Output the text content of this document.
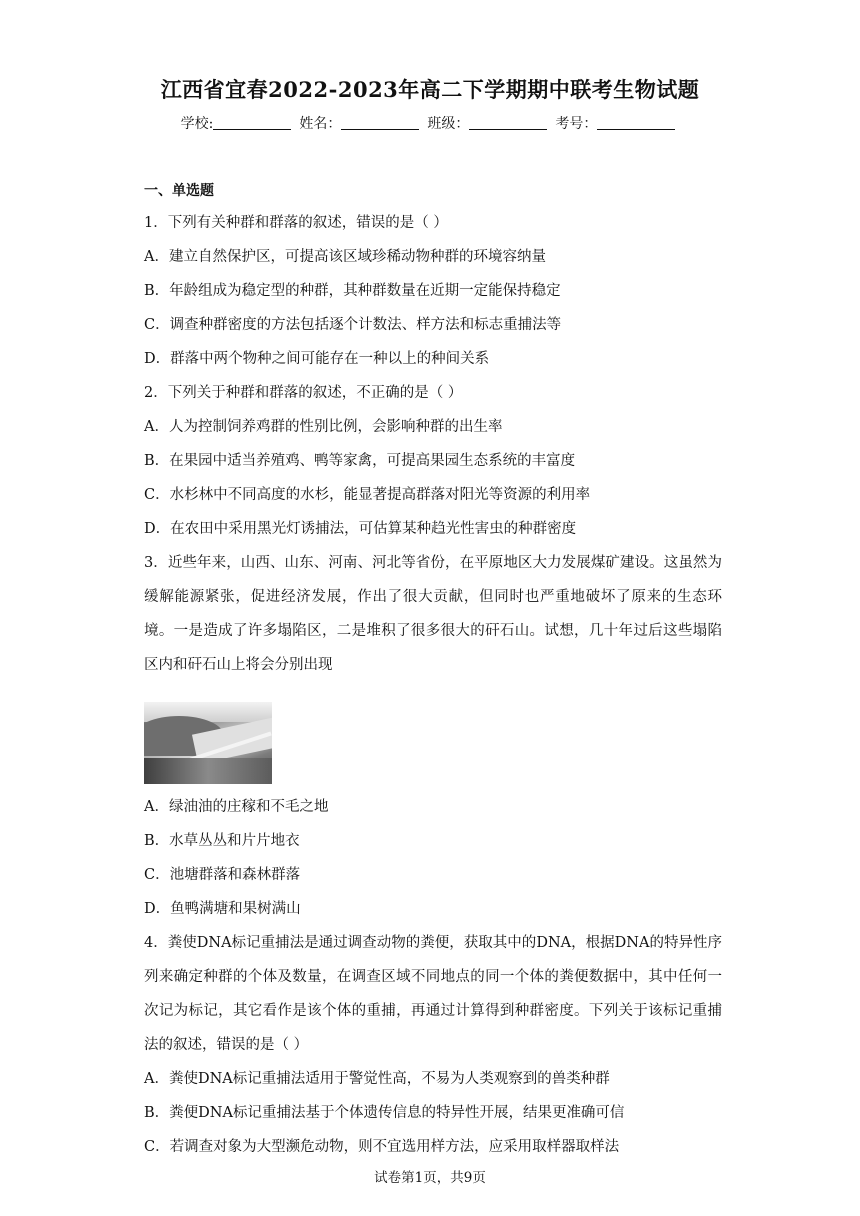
江西省宜春2022-2023年高二下学期期中联考生物试题
学校:	姓名：	班级：	考号：
一、单选题

1．下列有关种群和群落的叙述，错误的是（ ）

A．建立自然保护区，可提高该区域珍稀动物种群的环境容纳量

B．年龄组成为稳定型的种群，其种群数量在近期一定能保持稳定

C．调查种群密度的方法包括逐个计数法、样方法和标志重捕法等

D．群落中两个物种之间可能存在一种以上的种间关系

2．下列关于种群和群落的叙述，不正确的是（ ）

A．人为控制饲养鸡群的性别比例，会影响种群的出生率

B．在果园中适当养殖鸡、鸭等家禽，可提高果园生态系统的丰富度

C．水杉林中不同高度的水杉，能显著提高群落对阳光等资源的利用率

D．在农田中采用黑光灯诱捕法，可估算某种趋光性害虫的种群密度

3．近些年来，山西、山东、河南、河北等省份，在平原地区大力发展煤矿建设。这虽然为缓解能源紧张，促进经济发展，作出了很大贡献，但同时也严重地破坏了原来的生态环境。一是造成了许多塌陷区，二是堆积了很多很大的矸石山。试想，几十年过后这些塌陷区内和矸石山上将会分别出现

A．绿油油的庄稼和不毛之地

B．水草丛丛和片片地衣

C．池塘群落和森林群落

D．鱼鸭满塘和果树满山

4．粪使DNA标记重捕法是通过调查动物的粪便，获取其中的DNA，根据DNA的特异性序列来确定种群的个体及数量，在调查区域不同地点的同一个体的粪便数据中，其中任何一次记为标记，其它看作是该个体的重捕，再通过计算得到种群密度。下列关于该标记重捕法的叙述，错误的是（ ）

A．粪使DNA标记重捕法适用于警觉性高，不易为人类观察到的兽类种群

B．粪便DNA标记重捕法基于个体遗传信息的特异性开展，结果更准确可信

C．若调查对象为大型濒危动物，则不宜选用样方法，应采用取样器取样法

试卷第1页，共9页
